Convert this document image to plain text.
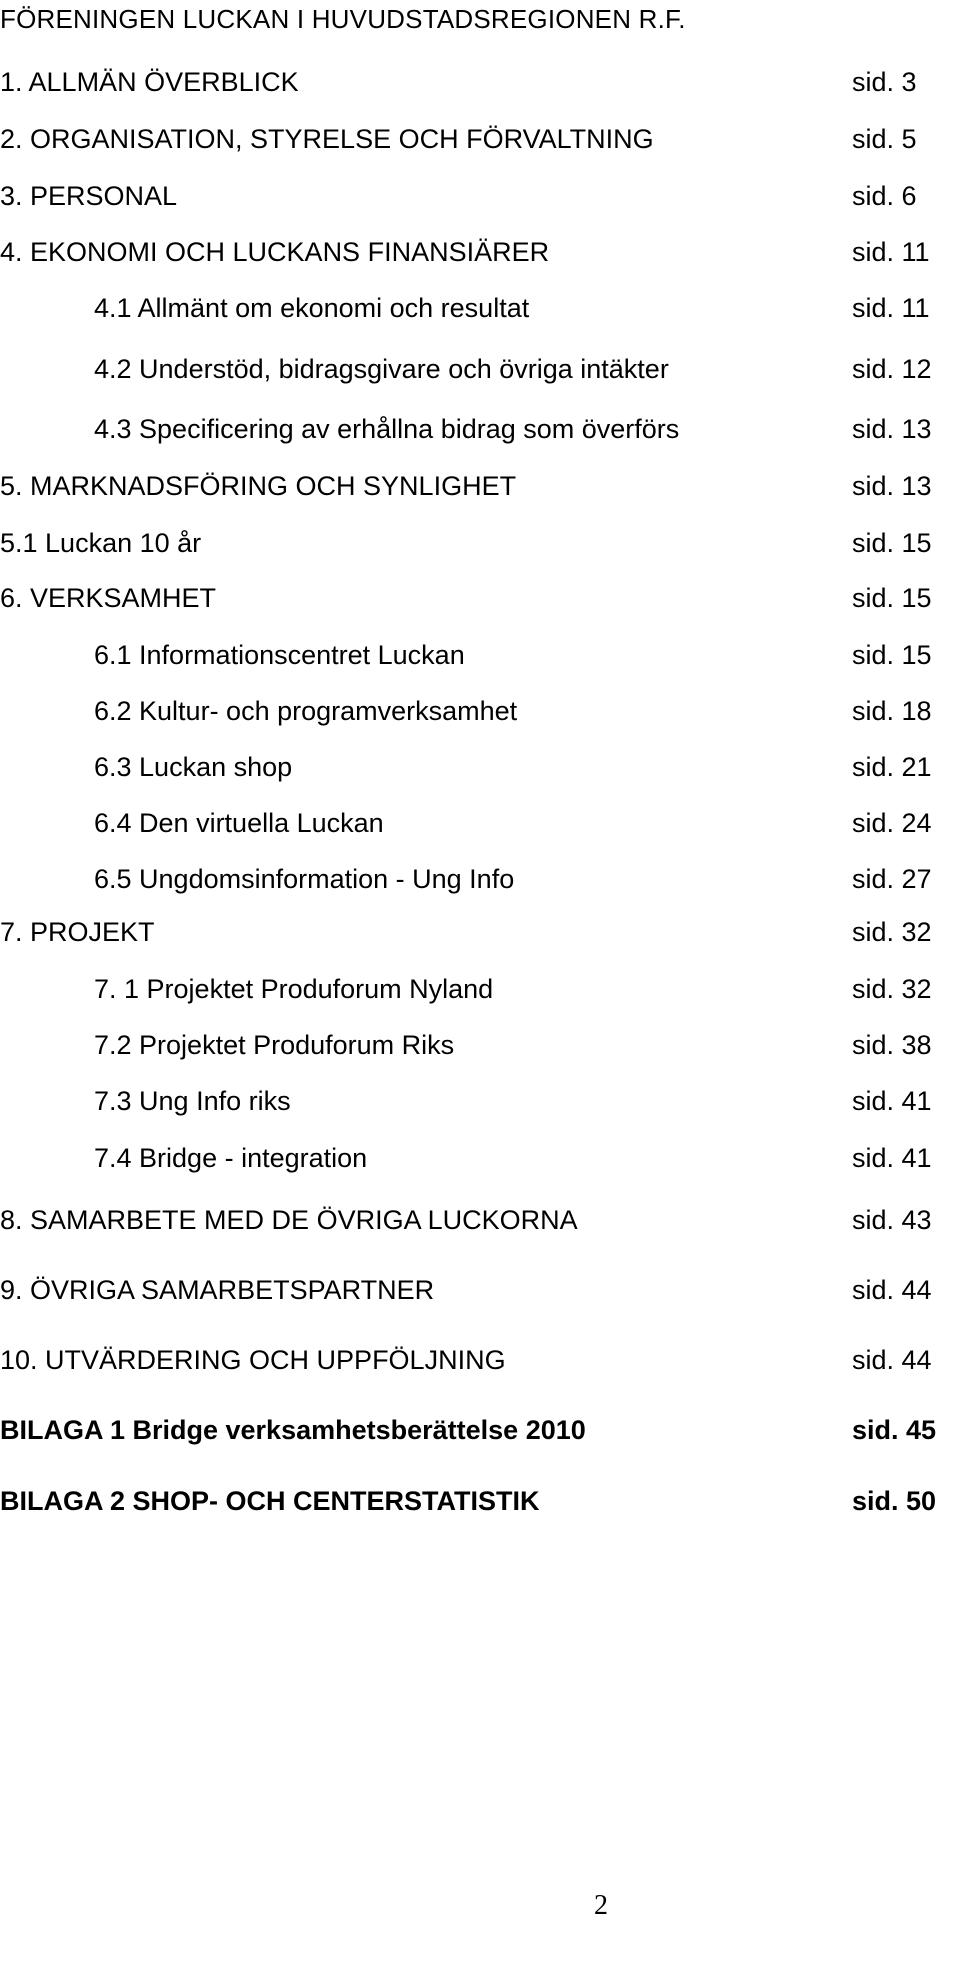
FÖRENINGEN LUCKAN I HUVUDSTADSREGIONEN R.F.
1. ALLMÄN ÖVERBLICK	sid. 3
2. ORGANISATION, STYRELSE OCH FÖRVALTNING	sid. 5
3. PERSONAL	sid. 6
4. EKONOMI OCH LUCKANS FINANSIÄRER	sid. 11
4.1 Allmänt om ekonomi och resultat	sid. 11
4.2 Understöd, bidragsgivare och övriga intäkter	sid. 12
4.3 Specificering av erhållna bidrag som överförs	sid. 13
5. MARKNADSFÖRING OCH SYNLIGHET	sid. 13
5.1 Luckan 10 år	sid. 15
6. VERKSAMHET	sid. 15
6.1 Informationscentret Luckan	sid. 15
6.2 Kultur- och programverksamhet	sid. 18
6.3 Luckan shop	sid. 21
6.4 Den virtuella Luckan	sid. 24
6.5 Ungdomsinformation - Ung Info	sid. 27
7. PROJEKT	sid. 32
7. 1 Projektet Produforum Nyland	sid. 32
7.2 Projektet Produforum Riks	sid. 38
7.3 Ung Info riks	sid. 41
7.4 Bridge - integration	sid. 41
8. SAMARBETE MED DE ÖVRIGA LUCKORNA	sid. 43
9. ÖVRIGA SAMARBETSPARTNER	sid. 44
10. UTVÄRDERING OCH UPPFÖLJNING	sid. 44
BILAGA 1 Bridge verksamhetsberättelse 2010	sid. 45
BILAGA 2 SHOP- OCH CENTERSTATISTIK	sid. 50
2
